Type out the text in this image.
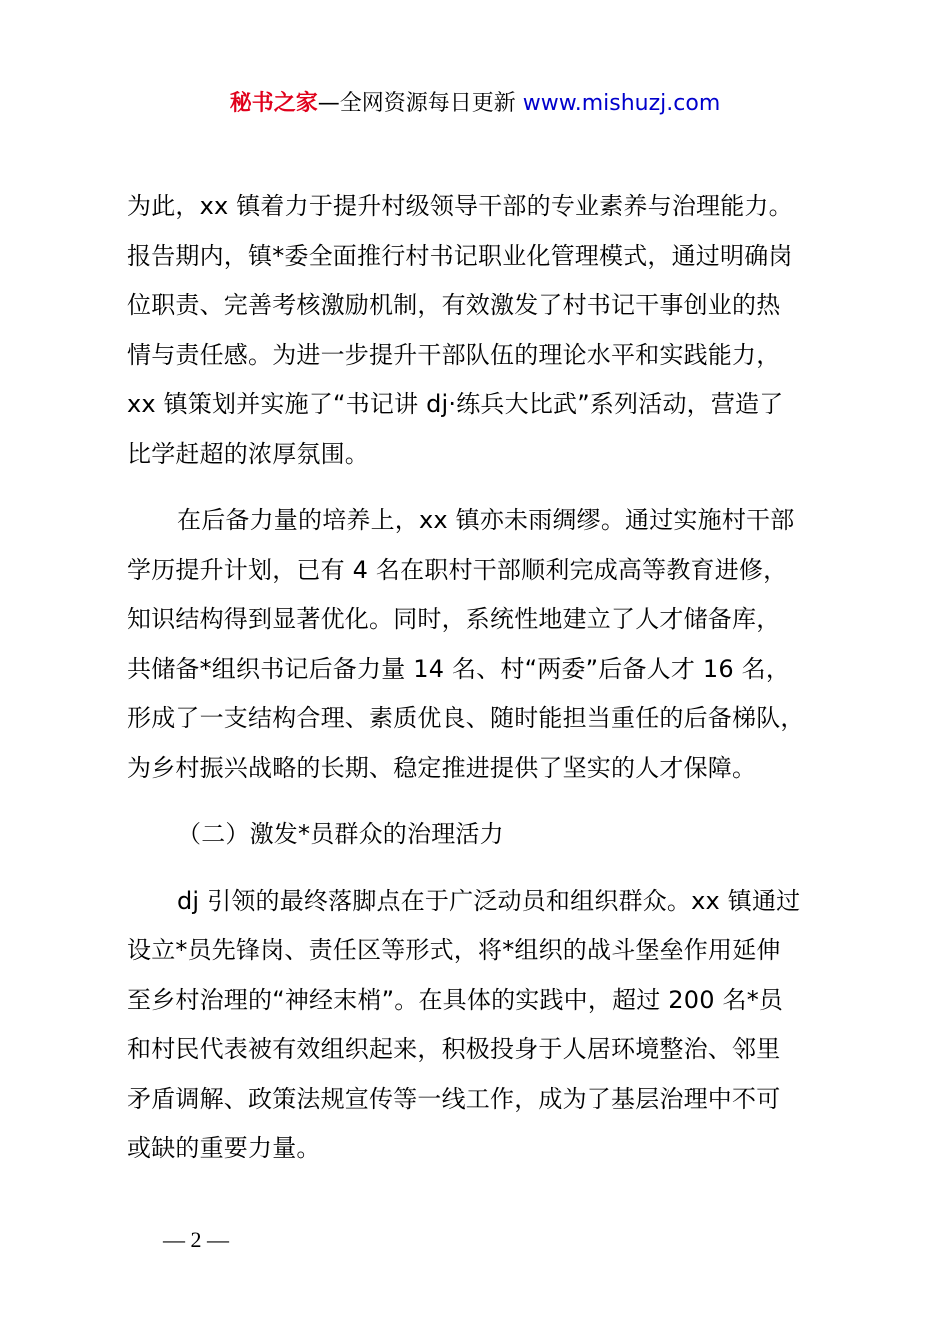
秘书之家—全网资源每日更新 www.mishuzj.com

为此，xx 镇着力于提升村级领导干部的专业素养与治理能力。
报告期内，镇*委全面推行村书记职业化管理模式，通过明确岗
位职责、完善考核激励机制，有效激发了村书记干事创业的热
情与责任感。为进一步提升干部队伍的理论水平和实践能力，
xx 镇策划并实施了“书记讲 dj·练兵大比武”系列活动，营造了
比学赶超的浓厚氛围。

在后备力量的培养上，xx 镇亦未雨绸缪。通过实施村干部
学历提升计划，已有 4 名在职村干部顺利完成高等教育进修，
知识结构得到显著优化。同时，系统性地建立了人才储备库，
共储备*组织书记后备力量 14 名、村“两委”后备人才 16 名，
形成了一支结构合理、素质优良、随时能担当重任的后备梯队，
为乡村振兴战略的长期、稳定推进提供了坚实的人才保障。

（二）激发*员群众的治理活力

dj 引领的最终落脚点在于广泛动员和组织群众。xx 镇通过
设立*员先锋岗、责任区等形式，将*组织的战斗堡垒作用延伸
至乡村治理的“神经末梢”。在具体的实践中，超过 200 名*员
和村民代表被有效组织起来，积极投身于人居环境整治、邻里
矛盾调解、政策法规宣传等一线工作，成为了基层治理中不可
或缺的重要力量。

— 2 —
